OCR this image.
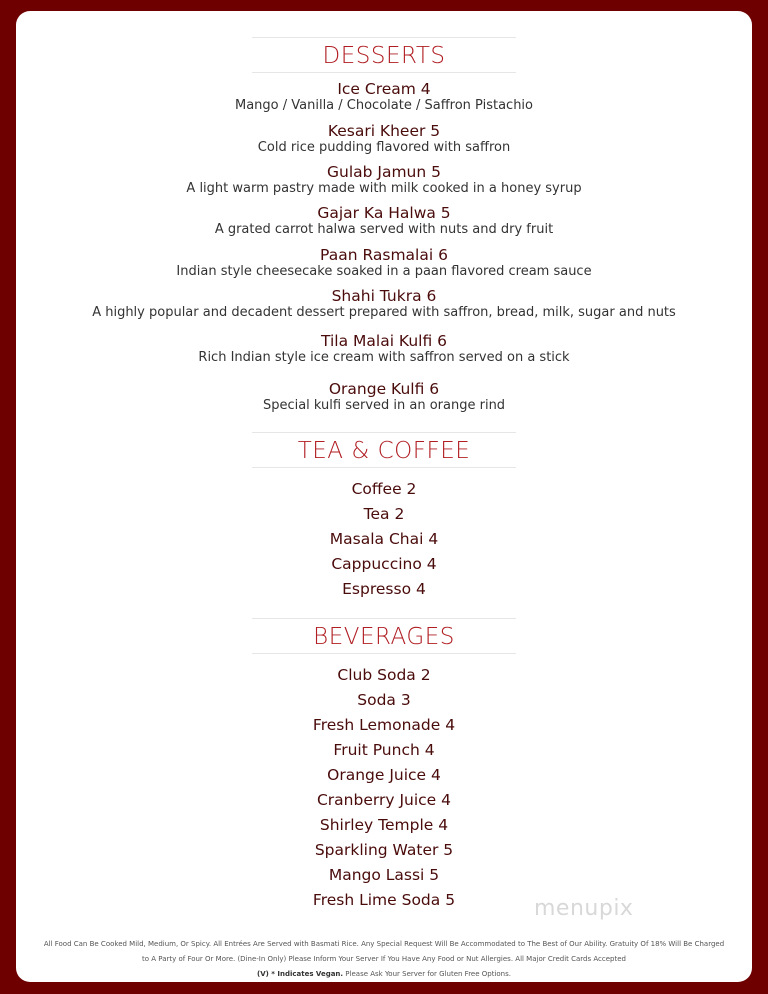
DESSERTS
Ice Cream 4
Mango / Vanilla / Chocolate / Saffron Pistachio
Kesari Kheer 5
Cold rice pudding flavored with saffron
Gulab Jamun 5
A light warm pastry made with milk cooked in a honey syrup
Gajar Ka Halwa 5
A grated carrot halwa served with nuts and dry fruit
Paan Rasmalai 6
Indian style cheesecake soaked in a paan flavored cream sauce
Shahi Tukra 6
A highly popular and decadent dessert prepared with saffron, bread, milk, sugar and nuts
Tila Malai Kulfi 6
Rich Indian style ice cream with saffron served on a stick
Orange Kulfi 6
Special kulfi served in an orange rind
TEA & COFFEE
Coffee 2
Tea 2
Masala Chai 4
Cappuccino 4
Espresso 4
BEVERAGES
Club Soda 2
Soda 3
Fresh Lemonade 4
Fruit Punch 4
Orange Juice 4
Cranberry Juice 4
Shirley Temple 4
Sparkling Water 5
Mango Lassi 5
Fresh Lime Soda 5	menupix
All Food Can Be Cooked Mild, Medium, Or Spicy. All Entrées Are Served with Basmati Rice. Any Special Request Will Be Accommodated to The Best of Our Ability. Gratuity Of 18% Will Be Charged
to A Party of Four Or More. (Dine-In Only) Please Inform Your Server If You Have Any Food or Nut Allergies. All Major Credit Cards Accepted
(V) * Indicates Vegan. Please Ask Your Server for Gluten Free Options.
